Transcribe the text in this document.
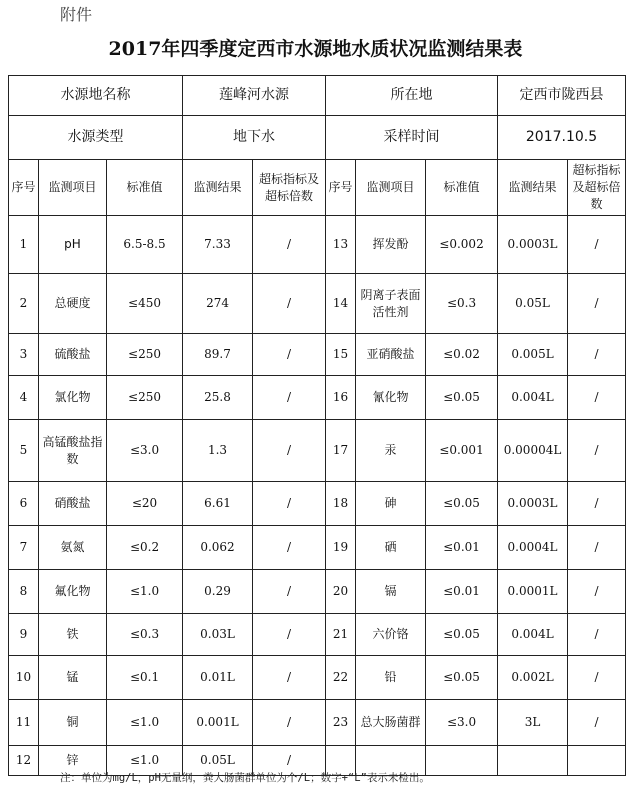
附件
2017年四季度定西市水源地水质状况监测结果表
水源地名称			莲峰河水源		所在地			定西市陇西县	
水源类型			地下水		采样时间			2017.10.5	
序号	监测项目	标准值	监测结果	超标指标及超标倍数	序号	监测项目	标准值	监测结果	超标指标及超标倍数
1	pH	6.5-8.5	7.33	/	13	挥发酚	≤0.002	0.0003L	/
2	总硬度	≤450	274	/	14	阴离子表面活性剂	≤0.3	0.05L	/
3	硫酸盐	≤250	89.7	/	15	亚硝酸盐	≤0.02	0.005L	/
4	氯化物	≤250	25.8	/	16	氰化物	≤0.05	0.004L	/
5	高锰酸盐指数	≤3.0	1.3	/	17	汞	≤0.001	0.00004L	/
6	硝酸盐	≤20	6.61	/	18	砷	≤0.05	0.0003L	/
7	氨氮	≤0.2	0.062	/	19	硒	≤0.01	0.0004L	/
8	氟化物	≤1.0	0.29	/	20	镉	≤0.01	0.0001L	/
9	铁	≤0.3	0.03L	/	21	六价铬	≤0.05	0.004L	/
10	锰	≤0.1	0.01L	/	22	铅	≤0.05	0.002L	/
11	铜	≤1.0	0.001L	/	23	总大肠菌群	≤3.0	3L	/
12	锌	≤1.0	0.05L	/					
注：单位为mg/L，pH无量纲，粪大肠菌群单位为个/L；数字+“L”表示未检出。
